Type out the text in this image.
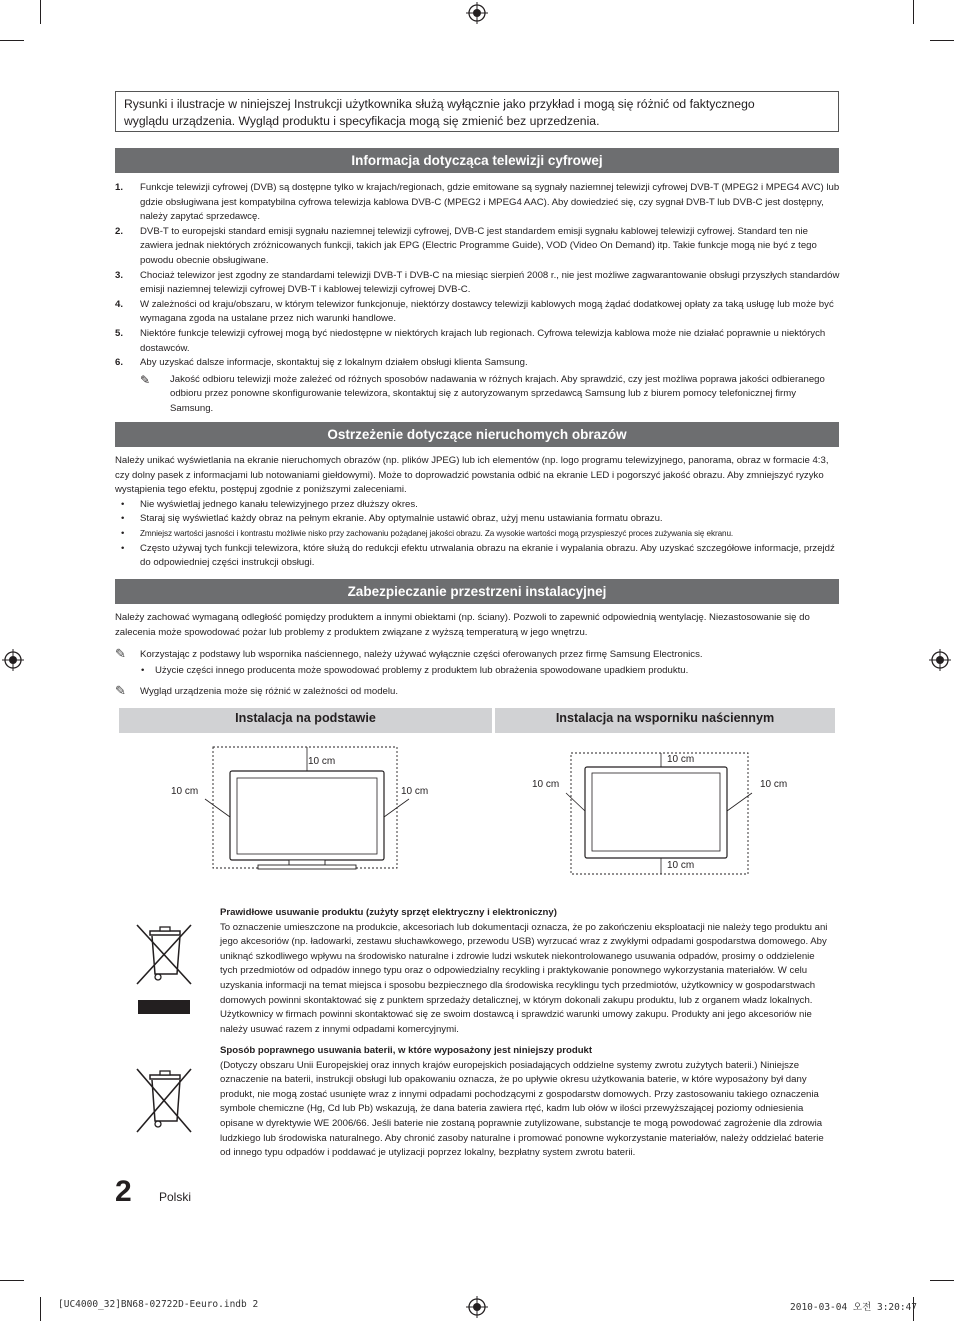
Rysunki i ilustracje w niniejszej Instrukcji użytkownika służą wyłącznie jako przykład i mogą się różnić od faktycznego
wyglądu urządzenia. Wygląd produktu i specyfikacja mogą się zmienić bez uprzedzenia.
Informacja dotycząca telewizji cyfrowej
1.	Funkcje telewizji cyfrowej (DVB) są dostępne tylko w krajach/regionach, gdzie emitowane są sygnały naziemnej telewizji cyfrowej DVB-T (MPEG2 i MPEG4 AVC) lub gdzie obsługiwana jest kompatybilna cyfrowa telewizja kablowa DVB-C (MPEG2 i MPEG4 AAC). Aby dowiedzieć się, czy sygnał DVB-T lub DVB-C jest dostępny, należy zapytać sprzedawcę.
2.	DVB-T to europejski standard emisji sygnału naziemnej telewizji cyfrowej, DVB-C jest standardem emisji sygnału kablowej telewizji cyfrowej. Standard ten nie zawiera jednak niektórych zróżnicowanych funkcji, takich jak EPG (Electric Programme Guide), VOD (Video On Demand) itp. Takie funkcje mogą nie być z tego powodu obecnie obsługiwane.
3.	Chociaż telewizor jest zgodny ze standardami telewizji DVB-T i DVB-C na miesiąc sierpień 2008 r., nie jest możliwe zagwarantowanie obsługi przyszłych standardów emisji naziemnej telewizji cyfrowej DVB-T i kablowej telewizji cyfrowej DVB-C.
4.	W zależności od kraju/obszaru, w którym telewizor funkcjonuje, niektórzy dostawcy telewizji kablowych mogą żądać dodatkowej opłaty za taką usługę lub może być wymagana zgoda na ustalane przez nich warunki handlowe.
5.	Niektóre funkcje telewizji cyfrowej mogą być niedostępne w niektórych krajach lub regionach. Cyfrowa telewizja kablowa może nie działać poprawnie u niektórych dostawców.
6.	Aby uzyskać dalsze informacje, skontaktuj się z lokalnym działem obsługi klienta Samsung.
✎	Jakość odbioru telewizji może zależeć od różnych sposobów nadawania w różnych krajach. Aby sprawdzić, czy jest możliwa poprawa jakości odbieranego odbioru przez ponowne skonfigurowanie telewizora, skontaktuj się z autoryzowanym sprzedawcą Samsung lub z biurem pomocy telefonicznej firmy Samsung.
Ostrzeżenie dotyczące nieruchomych obrazów
Należy unikać wyświetlania na ekranie nieruchomych obrazów (np. plików JPEG) lub ich elementów (np. logo programu telewizyjnego, panorama, obraz w formacie 4:3, czy dolny pasek z informacjami lub notowaniami giełdowymi). Może to doprowadzić powstania odbić na ekranie LED i pogorszyć jakość obrazu. Aby zmniejszyć ryzyko wystąpienia tego efektu, postępuj zgodnie z poniższymi zaleceniami.
•	Nie wyświetlaj jednego kanału telewizyjnego przez dłuższy okres.
•	Staraj się wyświetlać każdy obraz na pełnym ekranie. Aby optymalnie ustawić obraz, użyj menu ustawiania formatu obrazu.
•	Zmniejsz wartości jasności i kontrastu możliwie nisko przy zachowaniu pożądanej jakości obrazu. Za wysokie wartości mogą przyspieszyć proces zużywania się ekranu.
•	Często używaj tych funkcji telewizora, które służą do redukcji efektu utrwalania obrazu na ekranie i wypalania obrazu. Aby uzyskać szczegółowe informacje, przejdź do odpowiedniej części instrukcji obsługi.
Zabezpieczanie przestrzeni instalacyjnej
Należy zachować wymaganą odległość pomiędzy produktem a innymi obiektami (np. ściany). Pozwoli to zapewnić odpowiednią wentylację. Niezastosowanie się do zalecenia może spowodować pożar lub problemy z produktem związane z wyższą temperaturą w jego wnętrzu.
✎	Korzystając z podstawy lub wspornika naściennego, należy używać wyłącznie części oferowanych przez firmę Samsung Electronics.
•	Użycie części innego producenta może spowodować problemy z produktem lub obrażenia spowodowane upadkiem produktu.
✎	Wygląd urządzenia może się różnić w zależności od modelu.
Instalacja na podstawie	Instalacja na wsporniku naściennym
10 cm
10 cm	10 cm
10 cm
10 cm	10 cm
10 cm
Prawidłowe usuwanie produktu (zużyty sprzęt elektryczny i elektroniczny)
To oznaczenie umieszczone na produkcie, akcesoriach lub dokumentacji oznacza, że po zakończeniu eksploatacji nie należy tego produktu ani jego akcesoriów (np. ładowarki, zestawu słuchawkowego, przewodu USB) wyrzucać wraz z zwykłymi odpadami gospodarstwa domowego. Aby uniknąć szkodliwego wpływu na środowisko naturalne i zdrowie ludzi wskutek niekontrolowanego usuwania odpadów, prosimy o oddzielenie tych przedmiotów od odpadów innego typu oraz o odpowiedzialny recykling i praktykowanie ponownego wykorzystania materiałów. W celu uzyskania informacji na temat miejsca i sposobu bezpiecznego dla środowiska recyklingu tych przedmiotów, użytkownicy w gospodarstwach domowych powinni skontaktować się z punktem sprzedaży detalicznej, w którym dokonali zakupu produktu, lub z organem władz lokalnych. Użytkownicy w firmach powinni skontaktować się ze swoim dostawcą i sprawdzić warunki umowy zakupu. Produkty ani jego akcesoriów nie należy usuwać razem z innymi odpadami komercyjnymi.
Sposób poprawnego usuwania baterii, w które wyposażony jest niniejszy produkt
(Dotyczy obszaru Unii Europejskiej oraz innych krajów europejskich posiadających oddzielne systemy zwrotu zużytych baterii.) Niniejsze oznaczenie na baterii, instrukcji obsługi lub opakowaniu oznacza, że po upływie okresu użytkowania baterie, w które wyposażony był dany produkt, nie mogą zostać usunięte wraz z innymi odpadami pochodzącymi z gospodarstw domowych. Przy zastosowaniu takiego oznaczenia symbole chemiczne (Hg, Cd lub Pb) wskazują, że dana bateria zawiera rtęć, kadm lub ołów w ilości przewyższającej poziomy odniesienia opisane w dyrektywie WE 2006/66. Jeśli baterie nie zostaną poprawnie zutylizowane, substancje te mogą powodować zagrożenie dla zdrowia ludzkiego lub środowiska naturalnego. Aby chronić zasoby naturalne i promować ponowne wykorzystanie materiałów, należy oddzielać baterie od innego typu odpadów i poddawać je utylizacji poprzez lokalny, bezpłatny system zwrotu baterii.
2 Polski
[UC4000_32]BN68-02722D-Eeuro.indb 2	2010-03-04 오전 3:20:47
